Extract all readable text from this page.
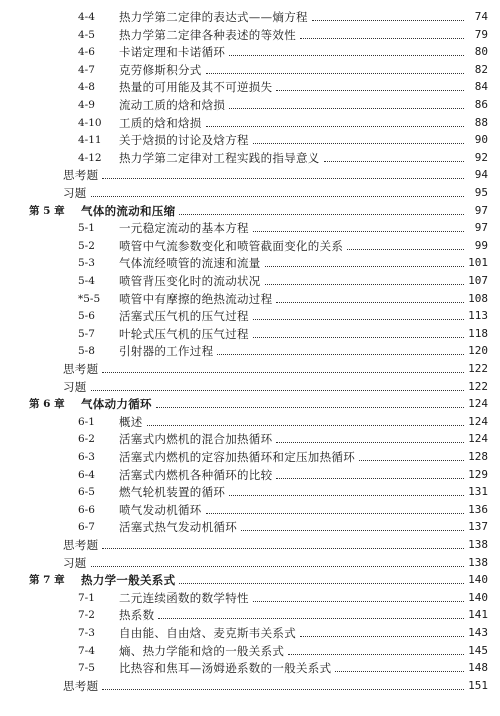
4-4	热力学第二定律的表达式——熵方程	74
4-5	热力学第二定律各种表述的等效性	79
4-6	卡诺定理和卡诺循环	80
4-7	克劳修斯积分式	82
4-8	热量的可用能及其不可逆损失	84
4-9	流动工质的焓和焓损	86
4-10	工质的焓和焓损	88
4-11	关于焓损的讨论及焓方程	90
4-12	热力学第二定律对工程实践的指导意义	92
思考题	94
习题	95
第 5 章	气体的流动和压缩	97
5-1	一元稳定流动的基本方程	97
5-2	喷管中气流参数变化和喷管截面变化的关系	99
5-3	气体流经喷管的流速和流量	101
5-4	喷管背压变化时的流动状况	107
*5-5	喷管中有摩擦的绝热流动过程	108
5-6	活塞式压气机的压气过程	113
5-7	叶轮式压气机的压气过程	118
5-8	引射器的工作过程	120
思考题	122
习题	122
第 6 章	气体动力循环	124
6-1	概述	124
6-2	活塞式内燃机的混合加热循环	124
6-3	活塞式内燃机的定容加热循环和定压加热循环	128
6-4	活塞式内燃机各种循环的比较	129
6-5	燃气轮机装置的循环	131
6-6	喷气发动机循环	136
6-7	活塞式热气发动机循环	137
思考题	138
习题	138
第 7 章	热力学一般关系式	140
7-1	二元连续函数的数学特性	140
7-2	热系数	141
7-3	自由能、自由焓、麦克斯韦关系式	143
7-4	熵、热力学能和焓的一般关系式	145
7-5	比热容和焦耳—汤姆逊系数的一般关系式	148
思考题	151
